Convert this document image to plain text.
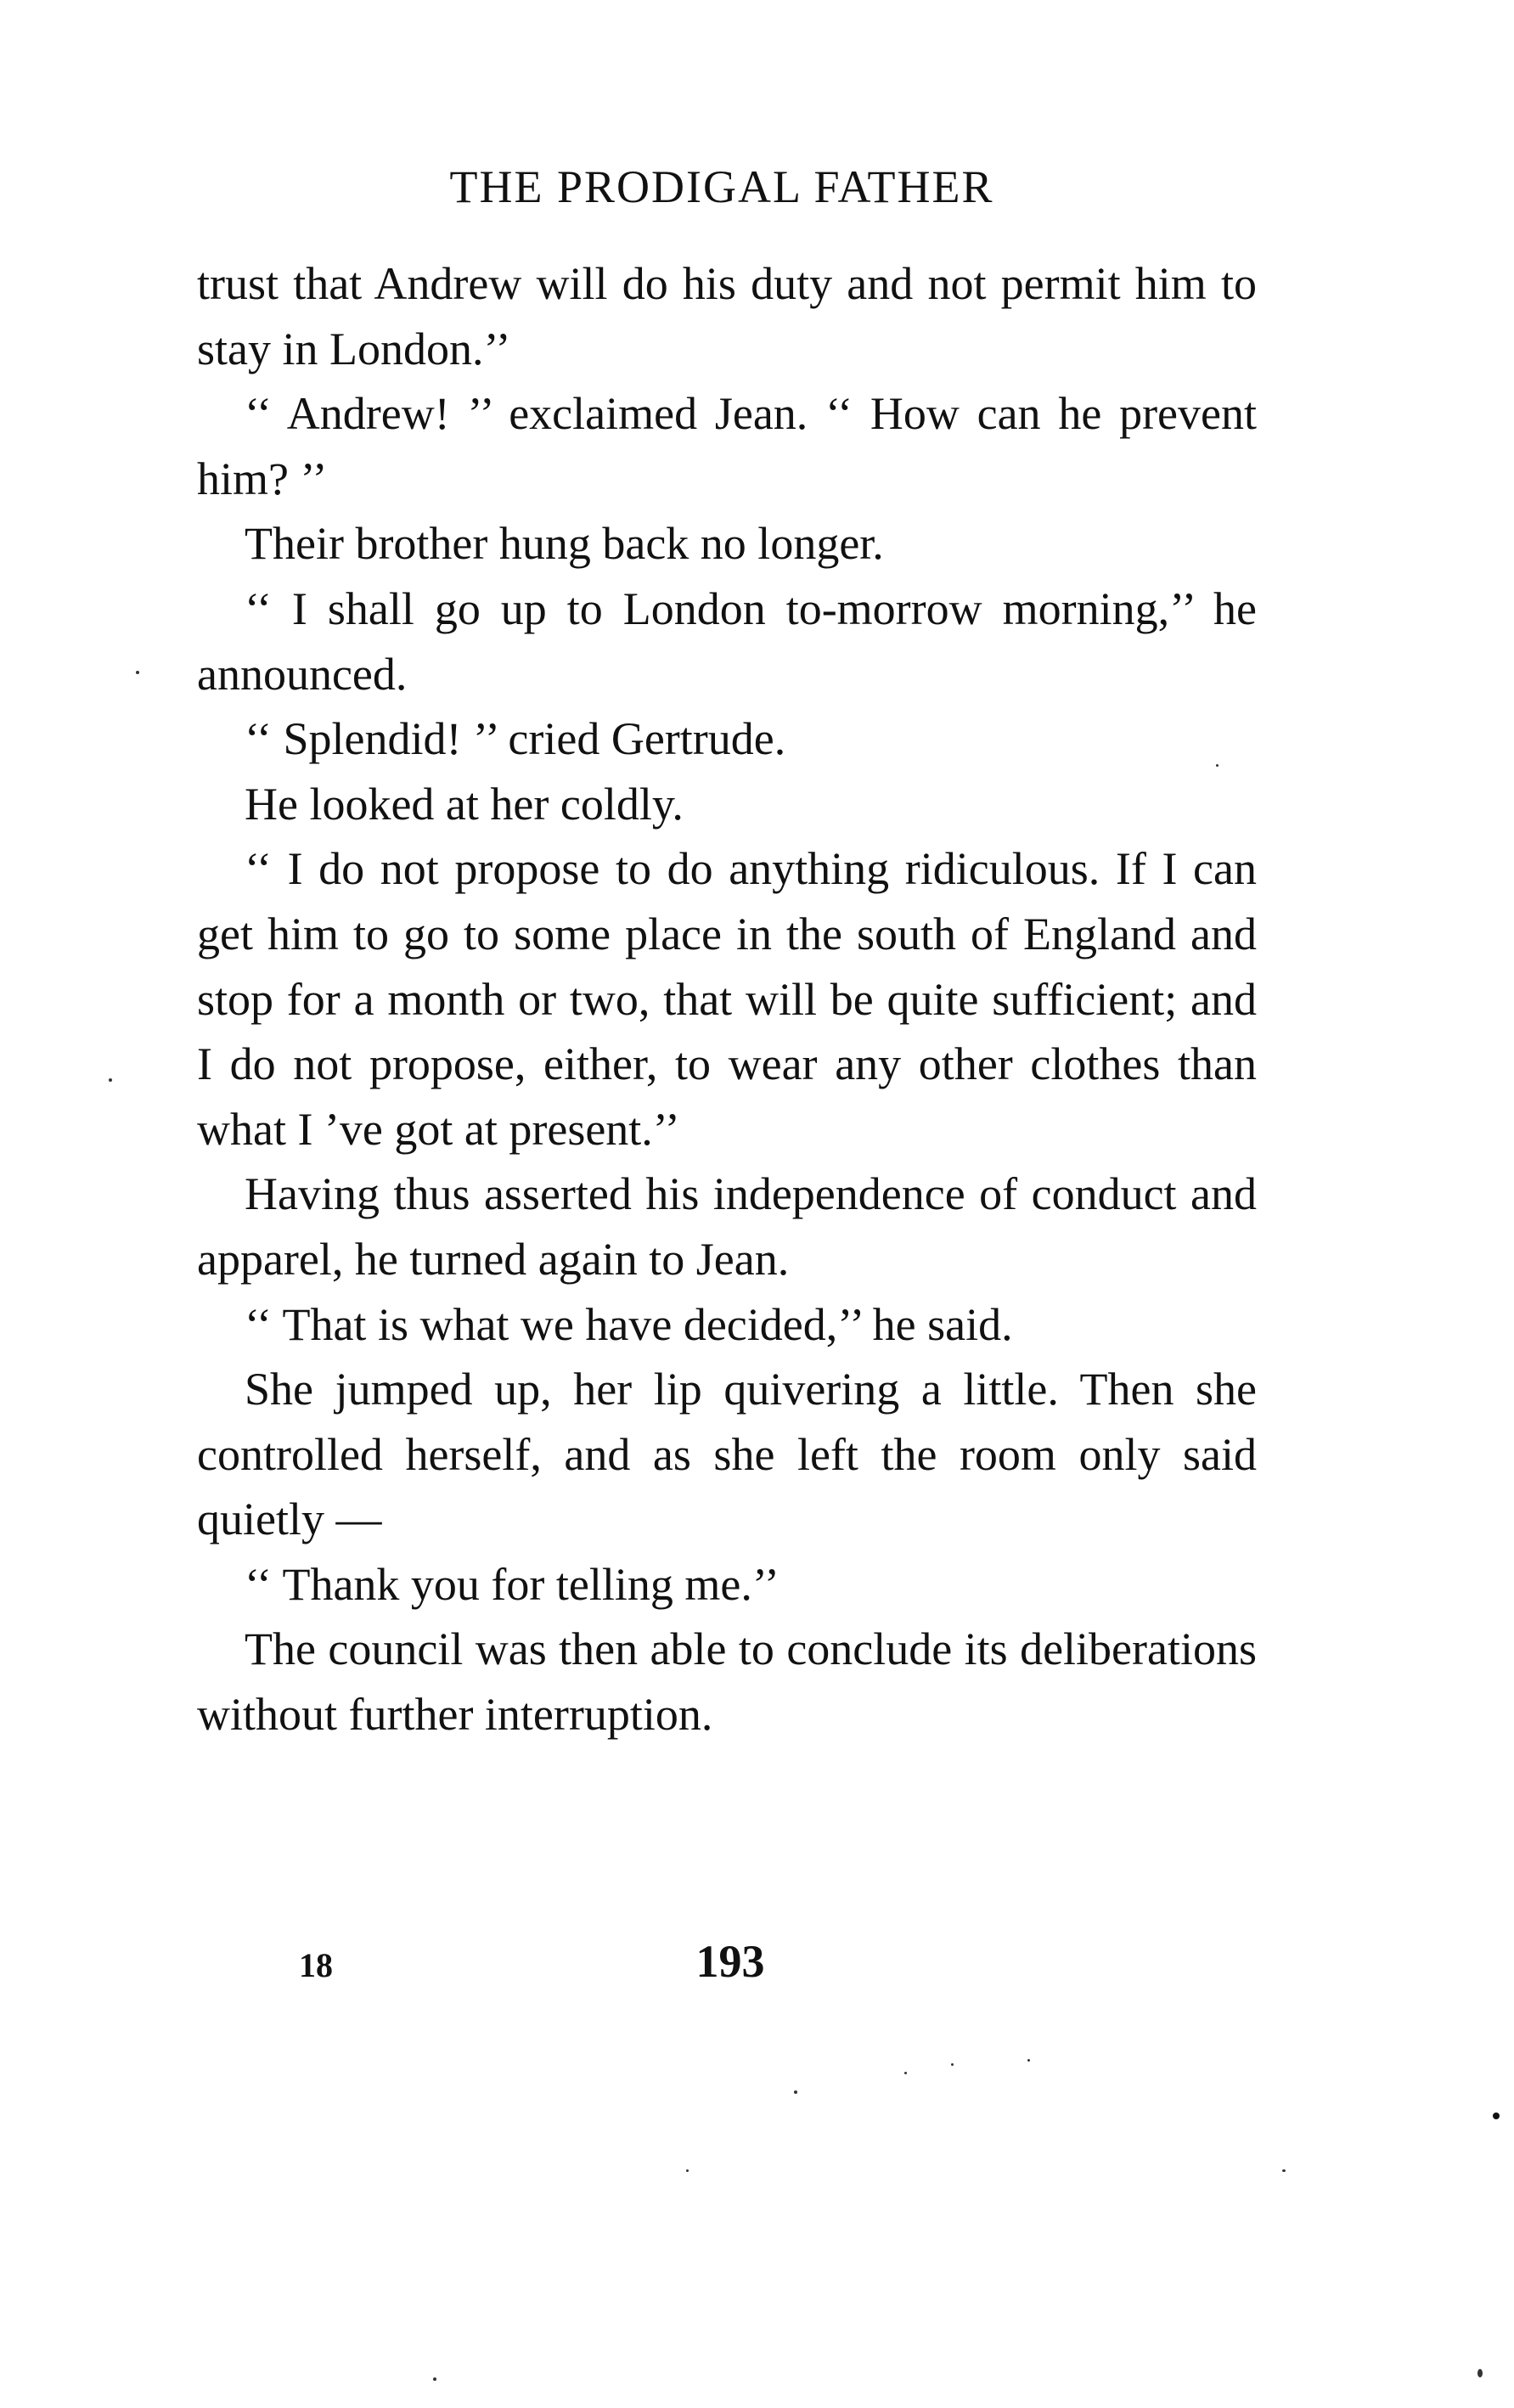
THE PRODIGAL FATHER

trust that Andrew will do his duty and not permit him to stay in London.’’

‘‘ Andrew! ’’ exclaimed Jean. ‘‘ How can he prevent him? ’’

Their brother hung back no longer.

‘‘ I shall go up to London to-morrow morning,’’ he announced.

‘‘ Splendid! ’’ cried Gertrude.

He looked at her coldly.

‘‘ I do not propose to do anything ridiculous. If I can get him to go to some place in the south of England and stop for a month or two, that will be quite sufficient; and I do not propose, either, to wear any other clothes than what I ’ve got at present.’’

Having thus asserted his independence of conduct and apparel, he turned again to Jean.

‘‘ That is what we have decided,’’ he said.

She jumped up, her lip quivering a little. Then she controlled herself, and as she left the room only said quietly —

‘‘ Thank you for telling me.’’

The council was then able to conclude its deliberations without further interruption.

18	193
